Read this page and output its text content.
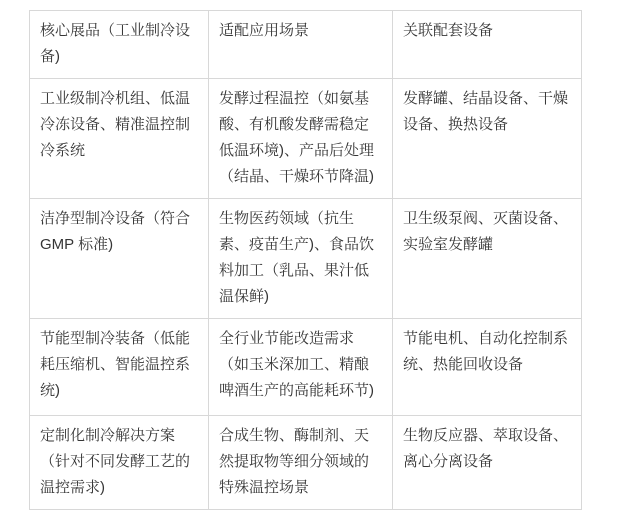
核心展品（工业制冷设备)	适配应用场景	关联配套设备
工业级制冷机组、低温冷冻设备、精准温控制冷系统	发酵过程温控（如氨基酸、有机酸发酵需稳定低温环境)、产品后处理（结晶、干燥环节降温)	发酵罐、结晶设备、干燥设备、换热设备
洁净型制冷设备（符合 GMP 标准)	生物医药领域（抗生素、疫苗生产)、食品饮料加工（乳品、果汁低温保鲜)	卫生级泵阀、灭菌设备、实验室发酵罐
节能型制冷装备（低能耗压缩机、智能温控系统)	全行业节能改造需求（如玉米深加工、精酿啤酒生产的高能耗环节)	节能电机、自动化控制系统、热能回收设备
定制化制冷解决方案（针对不同发酵工艺的温控需求)	合成生物、酶制剂、天然提取物等细分领域的特殊温控场景	生物反应器、萃取设备、离心分离设备
